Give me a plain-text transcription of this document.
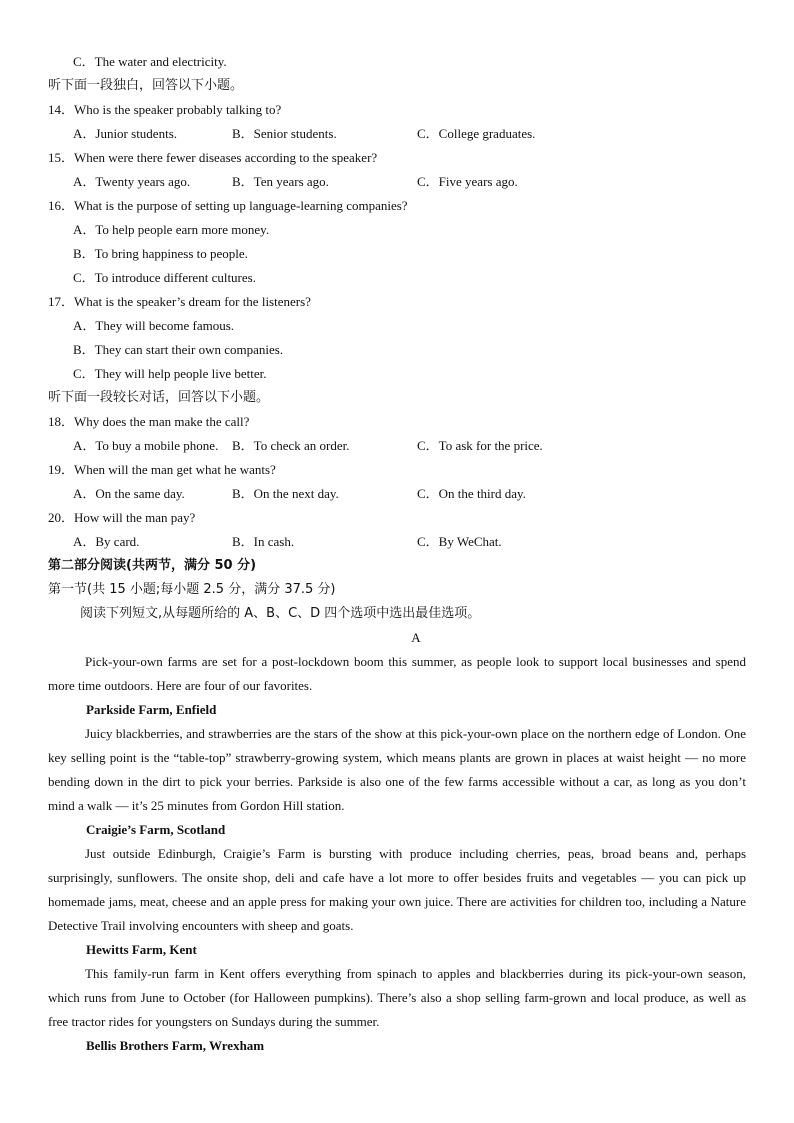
C．The water and electricity.
听下面一段独白，回答以下小题。
14．Who is the speaker probably talking to?
A．Junior students.	B．Senior students.	C．College graduates.
15．When were there fewer diseases according to the speaker?
A．Twenty years ago.	B．Ten years ago.	C．Five years ago.
16．What is the purpose of setting up language-learning companies?
A．To help people earn more money.
B．To bring happiness to people.
C．To introduce different cultures.
17．What is the speaker’s dream for the listeners?
A．They will become famous.
B．They can start their own companies.
C．They will help people live better.
听下面一段较长对话，回答以下小题。
18．Why does the man make the call?
A．To buy a mobile phone. B．To check an order.	C．To ask for the price.
19．When will the man get what he wants?
A．On the same day.	B．On the next day.	C．On the third day.
20．How will the man pay?
A．By card.	B．In cash.	C．By WeChat.
第二部分阅读(共两节，满分 50 分)
第一节(共 15 小题;每小题 2.5 分，满分 37.5 分)
阅读下列短文,从每题所给的 A、B、C、D 四个选项中选出最佳选项。
A
Pick-your-own farms are set for a post-lockdown boom this summer, as people look to support local businesses and spend more time outdoors. Here are four of our favorites.
Parkside Farm, Enfield
Juicy blackberries, and strawberries are the stars of the show at this pick-your-own place on the northern edge of London. One key selling point is the “table-top” strawberry-growing system, which means plants are grown in places at waist height — no more bending down in the dirt to pick your berries. Parkside is also one of the few farms accessible without a car, as long as you don’t mind a walk — it’s 25 minutes from Gordon Hill station.
Craigie’s Farm, Scotland
Just outside Edinburgh, Craigie’s Farm is bursting with produce including cherries, peas, broad beans and, perhaps surprisingly, sunflowers. The onsite shop, deli and cafe have a lot more to offer besides fruits and vegetables — you can pick up homemade jams, meat, cheese and an apple press for making your own juice. There are activities for children too, including a Nature Detective Trail involving encounters with sheep and goats.
Hewitts Farm, Kent
This family-run farm in Kent offers everything from spinach to apples and blackberries during its pick-your-own season, which runs from June to October (for Halloween pumpkins). There’s also a shop selling farm-grown and local produce, as well as free tractor rides for youngsters on Sundays during the summer.
Bellis Brothers Farm, Wrexham
